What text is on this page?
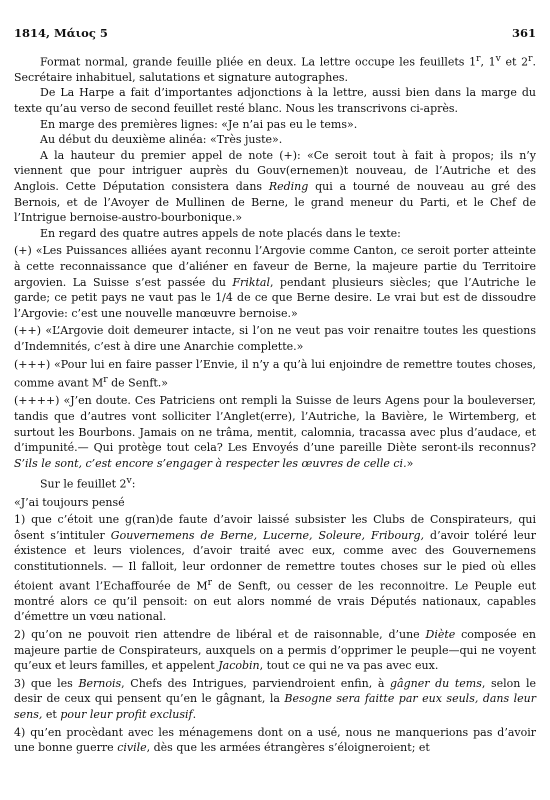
1814, Μάιος 5	361

Format normal, grande feuille pliée en deux. La lettre occupe les feuillets 1$^r$, 1$^v$ et 2$^r$. Secrétaire inhabituel, salutations et signature autographes.

De La Harpe a fait d’importantes adjonctions à la lettre, aussi bien dans la marge du texte qu’au verso de second feuillet resté blanc. Nous les transcrivons ci-après.

En marge des premières lignes: «Je n’ai pas eu le tems».

Au début du deuxième alinéa: «Très juste».

A la hauteur du premier appel de note (+): «Ce seroit tout à fait à propos; ils n’y viennent que pour intriguer auprès du Gouv(ernemen)t nouveau, de l’Autriche et des Anglois. Cette Députation consistera dans Reding qui a tourné de nouveau au gré des Bernois, et de l’Avoyer de Mullinen de Berne, le grand meneur du Parti, et le Chef de l’Intrigue bernoise-austro-bourbonique.»

En regard des quatre autres appels de note placés dans le texte:

(+) «Les Puissances alliées ayant reconnu l’Argovie comme Canton, ce seroit porter atteinte à cette reconnaissance que d’aliéner en faveur de Berne, la majeure partie du Territoire argovien. La Suisse s’est passée du Friktal, pendant plusieurs siècles; que l’Autriche le garde; ce petit pays ne vaut pas le 1/4 de ce que Berne desire. Le vrai but est de dissoudre l’Argovie: c’est une nouvelle manœuvre bernoise.»

(++) «L’Argovie doit demeurer intacte, si l’on ne veut pas voir renaitre toutes les questions d’Indemnités, c’est à dire une Anarchie complette.»

(+++) «Pour lui en faire passer l’Envie, il n’y a qu’à lui enjoindre de remettre toutes choses, comme avant $M^r$ de Senft.»

(++++) «J’en doute. Ces Patriciens ont rempli la Suisse de leurs Agens pour la bouleverser, tandis que d’autres vont solliciter l’Anglet(erre), l’Autriche, la Bavière, le Wirtemberg, et surtout les Bourbons. Jamais on ne trâma, mentit, calomnia, tracassa avec plus d’audace, et d’impunité.— Qui protège tout cela? Les Envoyés d’une pareille Diète seront-ils reconnus? S’ils le sont, c’est encore s’engager à respecter les œuvres de celle ci.»

Sur le feuillet 2$^v$:

«J’ai toujours pensé

1) que c’étoit une g(ran)de faute d’avoir laissé subsister les Clubs de Conspirateurs, qui ôsent s’intituler Gouvernemens de Berne, Lucerne, Soleure, Fribourg, d’avoir toléré leur éxistence et leurs violences, d’avoir traité avec eux, comme avec des Gouvernemens constitutionnels. — Il falloit, leur ordonner de remettre toutes choses sur le pied où elles étoient avant l’Echaffourée de $M^r$ de Senft, ou cesser de les reconnoitre. Le Peuple eut montré alors ce qu’il pensoit: on eut alors nommé de vrais Députés nationaux, capables d’émettre un vœu national.

2) qu’on ne pouvoit rien attendre de libéral et de raisonnable, d’une Diète composée en majeure partie de Conspirateurs, auxquels on a permis d’opprimer le peuple—qui ne voyent qu’eux et leurs familles, et appelent Jacobin, tout ce qui ne va pas avec eux.

3) que les Bernois, Chefs des Intrigues, parviendroient enfin, à gâgner du tems, selon le desir de ceux qui pensent qu’en le gâgnant, la Besogne sera faitte par eux seuls, dans leur sens, et pour leur profit exclusif.

4) qu’en procèdant avec les ménagemens dont on a usé, nous ne manquerions pas d’avoir une bonne guerre civile, dès que les armées étrangères s’éloigneroient; et
